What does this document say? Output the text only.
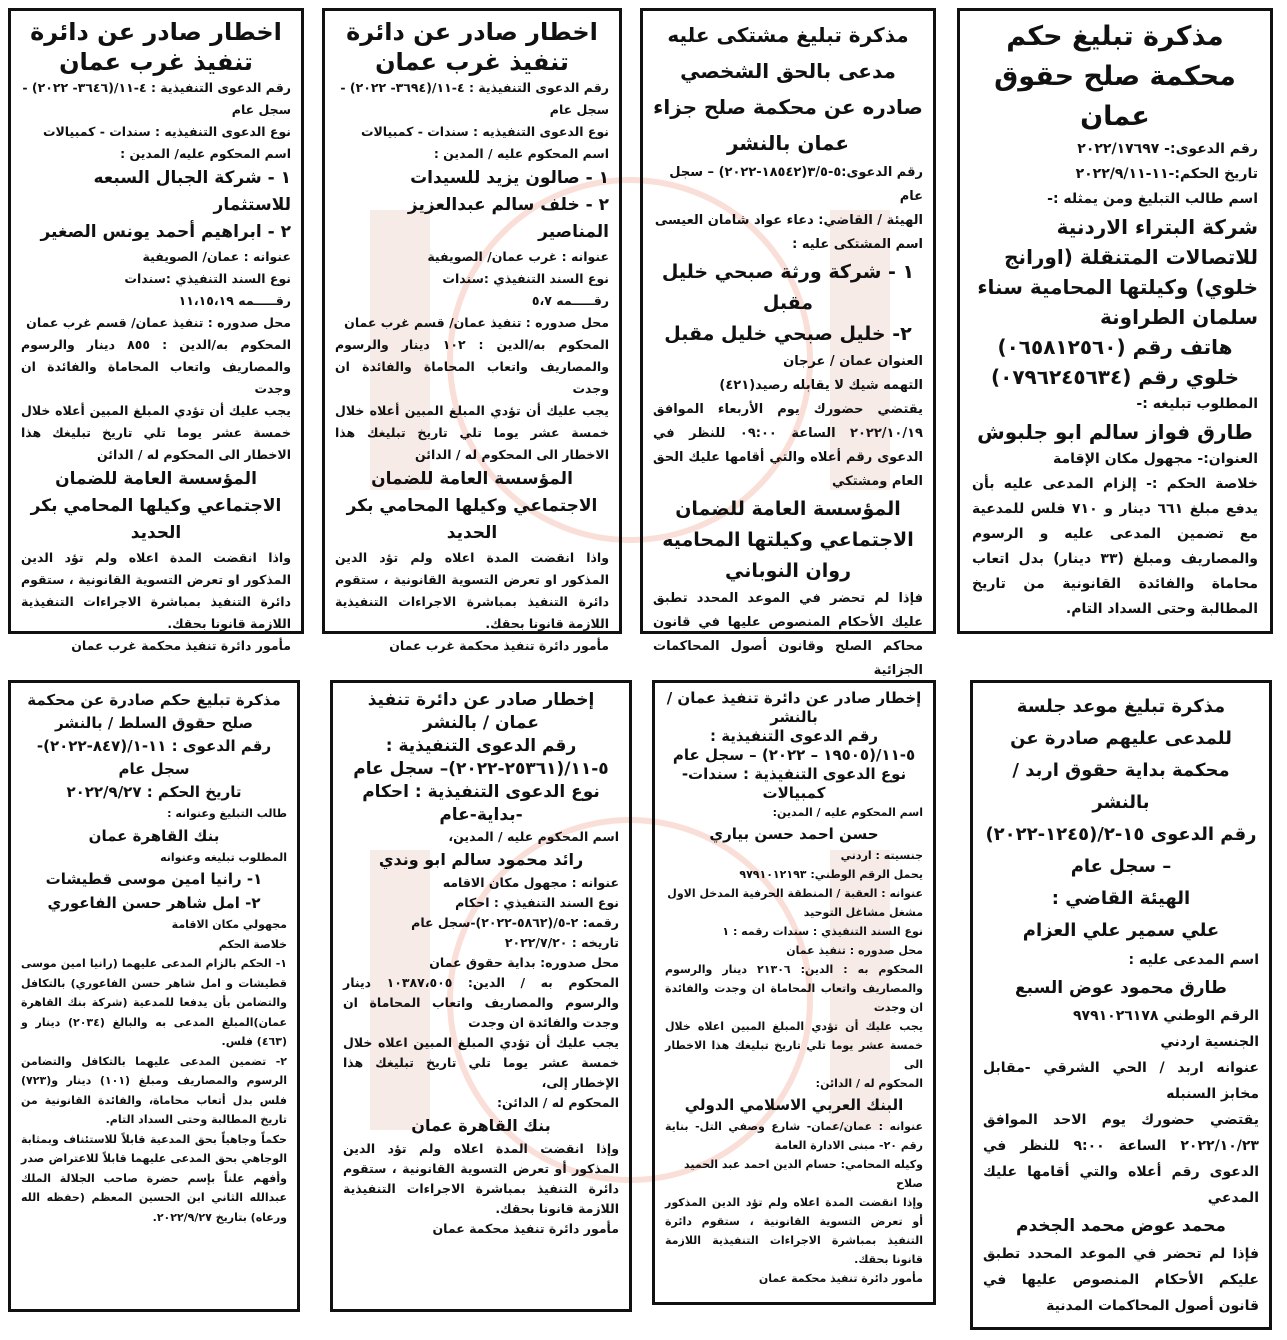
مذكرة تبليغ حكم

محكمة صلح حقوق عمان

رقم الدعوى:- ٢٠٢٢/١٧٦٩٧

تاريخ الحكم:-١١-٢٠٢٢/٩/١١

اسم طالب التبليغ ومن يمثله :-

شركة البتراء الاردنية للاتصالات المتنقلة (اورانج خلوي) وكيلتها المحامية سناء سلمان الطراونة

هاتف رقم (٠٦٥٨١٢٥٦٠)

خلوي رقم (٠٧٩٦٢٤٥٦٣٤)

المطلوب تبليغه :-

طارق فواز سالم ابو جلبوش

العنوان:- مجهول مكان الإقامة

خلاصة الحكم :- إلزام المدعى عليه بأن يدفع مبلغ ٦٦١ دينار و ٧١٠ فلس للمدعية مع تضمين المدعى عليه و الرسوم والمصاريف ومبلغ (٣٣ دينار) بدل اتعاب محاماة والفائدة القانونية من تاريخ المطالبة وحتى السداد التام.

مذكرة تبليغ مشتكى عليه مدعى بالحق الشخصي صادره عن محكمة صلح جزاء عمان بالنشر

رقم الدعوى:٥-٣/٥(١٨٥٤٢-٢٠٢٢) – سجل عام

الهيئة / القاضي: دعاء عواد شامان العيسى

اسم المشتكى عليه :

١ - شركة ورثة صبحي خليل مقبل

٢- خليل صبحي خليل مقبل

العنوان عمان / عرجان

التهمه شيك لا يقابله رصيد(٤٢١)

يقتضي حضورك يوم الأربعاء الموافق ٢٠٢٢/١٠/١٩ الساعة ٠٩:٠٠ للنظر في الدعوى رقم أعلاه والتي أقامها عليك الحق العام ومشتكي

المؤسسة العامة للضمان الاجتماعي وكيلتها المحاميه روان النوباني

فإذا لم تحضر في الموعد المحدد تطبق عليك الأحكام المنصوص عليها في قانون محاكم الصلح وقانون أصول المحاكمات الجزائية

اخطار صادر عن دائرة تنفيذ غرب عمان

رقم الدعوى التنفيذية : ٤-١١/(٣٦٩٤- ٢٠٢٢) - سجل عام

نوع الدعوى التنفيذيه : سندات - كمبيالات

اسم المحكوم عليه / المدين :

١ - صالون يزيد للسيدات

٢ - خلف سالم عبدالعزيز المناصير

عنوانه : غرب عمان/ الصويفية

نوع السند التنفيذي :سندات

رقـــــمه ٥،٧

محل صدوره : تنفيذ عمان/ قسم غرب عمان

المحكوم به/الدين : ١٠٢ دينار والرسوم والمصاريف واتعاب المحاماة والفائدة ان وجدت

يجب عليك أن تؤدي المبلغ المبين أعلاه خلال خمسة عشر يوما تلي تاريخ تبليغك هذا الاخطار الى المحكوم له / الدائن

المؤسسة العامة للضمان الاجتماعي وكيلها المحامي بكر الحديد

واذا انقضت المدة اعلاه ولم تؤد الدين المذكور او تعرض التسوية القانونية ، ستقوم دائرة التنفيذ بمباشرة الاجراءات التنفيذية اللازمة قانونا بحقك.

مأمور دائرة تنفيذ محكمة غرب عمان

اخطار صادر عن دائرة تنفيذ غرب عمان

رقم الدعوى التنفيذية : ٤-١١/(٣٦٤٦- ٢٠٢٢) - سجل عام

نوع الدعوى التنفيذيه : سندات - كمبيالات

اسم المحكوم عليه/ المدين :

١ - شركة الجبال السبعه للاستثمار

٢ - ابراهيم أحمد يونس الصغير

عنوانه : عمان/ الصويفية

نوع السند التنفيذي :سندات

رقـــــمه ١١،١٥،١٩

محل صدوره : تنفيذ عمان/ قسم غرب عمان

المحكوم به/الدين : ٨٥٥ دينار والرسوم والمصاريف واتعاب المحاماة والفائدة ان وجدت

يجب عليك أن تؤدي المبلغ المبين أعلاه خلال خمسة عشر يوما تلي تاريخ تبليغك هذا الاخطار الى المحكوم له / الدائن

المؤسسة العامة للضمان الاجتماعي وكيلها المحامي بكر الحديد

واذا انقضت المدة اعلاه ولم تؤد الدين المذكور او تعرض التسوية القانونية ، ستقوم دائرة التنفيذ بمباشرة الاجراءات التنفيذية اللازمة قانونا بحقك.

مأمور دائرة تنفيذ محكمة غرب عمان

مذكرة تبليغ موعد جلسة للمدعى عليهم صادرة عن محكمة بداية حقوق اربد / بالنشر

رقم الدعوى ١٥-٢/(١٢٤٥-٢٠٢٢) – سجل عام

الهيئة القاضي :

علي سمير علي العزام

اسم المدعى عليه :

طارق محمود عوض السبع

الرقم الوطني ٩٧٩١٠٢٦١٧٨

الجنسية اردني

عنوانه اربد / الحي الشرقي -مقابل مخابز السنبله

يقتضي حضورك يوم الاحد الموافق ٢٠٢٢/١٠/٢٣ الساعة ٩:٠٠ للنظر في الدعوى رقم أعلاه والتي أقامها عليك المدعي

محمد عوض محمد الجخدم

فإذا لم تحضر في الموعد المحدد تطبق عليكم الأحكام المنصوص عليها في قانون أصول المحاكمات المدنية

إخطار صادر عن دائرة تنفيذ عمان / بالنشر

رقم الدعوى التنفيذية : ٥-١١/(١٩٥٠٥ – ٢٠٢٢) – سجل عام

نوع الدعوى التنفيذية : سندات-كمبيالات

اسم المحكوم عليه / المدين:

حسن احمد حسن بياري

جنسيته : اردني

يحمل الرقم الوطني: ٩٧٩١٠١٢١٩٣

عنوانه : العقبة / المنطقة الحرفية المدخل الاول مشغل مشاغل التوحيد

نوع السند التنفيذي : سندات رقمه : ١

محل صدوره : تنفيذ عمان

المحكوم به : الدين: ٢١٣٠٦ دينار والرسوم والمصاريف واتعاب المحاماة ان وجدت والفائدة ان وجدت

يجب عليك أن تؤدي المبلغ المبين اعلاه خلال خمسة عشر يوما تلي تاريخ تبليغك هذا الاخطار الى

المحكوم له / الدائن:

البنك العربي الاسلامي الدولي

عنوانه : عمان/عمان- شارع وصفي التل- بناية رقم ٢٠- مبنى الادارة العامة

وكيله المحامي: حسام الدين احمد عبد الحميد صلاح

وإذا انقضت المدة اعلاه ولم تؤد الدين المذكور أو تعرض التسوية القانونية ، ستقوم دائرة التنفيذ بمباشرة الاجراءات التنفيذية اللازمة قانونا بحقك.

مأمور دائرة تنفيذ محكمة عمان

إخطار صادر عن دائرة تنفيذ عمان / بالنشر

رقم الدعوى التنفيذية : ٥-١١/(٢٥٣٦١-٢٠٢٢)– سجل عام

نوع الدعوى التنفيذية : احكام -بداية-عام

اسم المحكوم عليه / المدين،

رائد محمود سالم ابو وندي

عنوانه : مجهول مكان الاقامه

نوع السند التنفيذي : احكام

رقمه: ٢-٥/(٥٨٦٢-٢٠٢٢)-سجل عام

تاريخه : ٢٠٢٢/٧/٢٠

محل صدوره: بداية حقوق عمان

المحكوم به / الدين: ١٠٣٨٧،٥٠٥ دينار والرسوم والمصاريف واتعاب المحاماة ان وجدت والفائدة ان وجدت

يجب عليك أن تؤدي المبلغ المبين اعلاه خلال خمسة عشر يوما تلي تاريخ تبليغك هذا الإخطار إلى،

المحكوم له / الدائن:

بنك القاهرة عمان

وإذا انقضت المدة اعلاه ولم تؤد الدين المذكور أو تعرض التسوية القانونية ، ستقوم دائرة التنفيذ بمباشرة الاجراءات التنفيذية اللازمة قانونا بحقك.

مأمور دائرة تنفيذ محكمة عمان

مذكرة تبليغ حكم صادرة عن محكمة صلح حقوق السلط / بالنشر

رقم الدعوى : ١١-١/(٨٤٧-٢٠٢٢)-سجل عام

تاريخ الحكم : ٢٠٢٢/٩/٢٧

طالب التبليغ وعنوانه :

بنك القاهرة عمان

المطلوب تبليغه وعنوانه

١- رانيا امين موسى قطيشات

٢- امل شاهر حسن الفاعوري

مجهولي مكان الاقامة

خلاصة الحكم

١- الحكم بالزام المدعى عليهما (رانيا امين موسى قطيشات و امل شاهر حسن الفاعوري) بالتكافل والتضامن بأن يدفعا للمدعية (شركة بنك القاهرة عمان)المبلغ المدعى به والبالغ (٢٠٣٤) دينار و (٤٦٣) فلس.

٢- تضمين المدعى عليهما بالتكافل والتضامن الرسوم والمصاريف ومبلغ (١٠١) دينار و(٧٢٣) فلس بدل أتعاب محاماة، والفائدة القانونية من تاريخ المطالبة وحتى السداد التام.

حكماً وجاهياً بحق المدعية قابلاً للاستئناف وبمثابة الوجاهي بحق المدعى عليهما قابلاً للاعتراض صدر وأفهم علناً بإسم حضرة صاحب الجلالة الملك عبدالله الثاني ابن الحسين المعظم (حفظه الله ورعاه) بتاريخ ٢٠٢٢/٩/٢٧.
